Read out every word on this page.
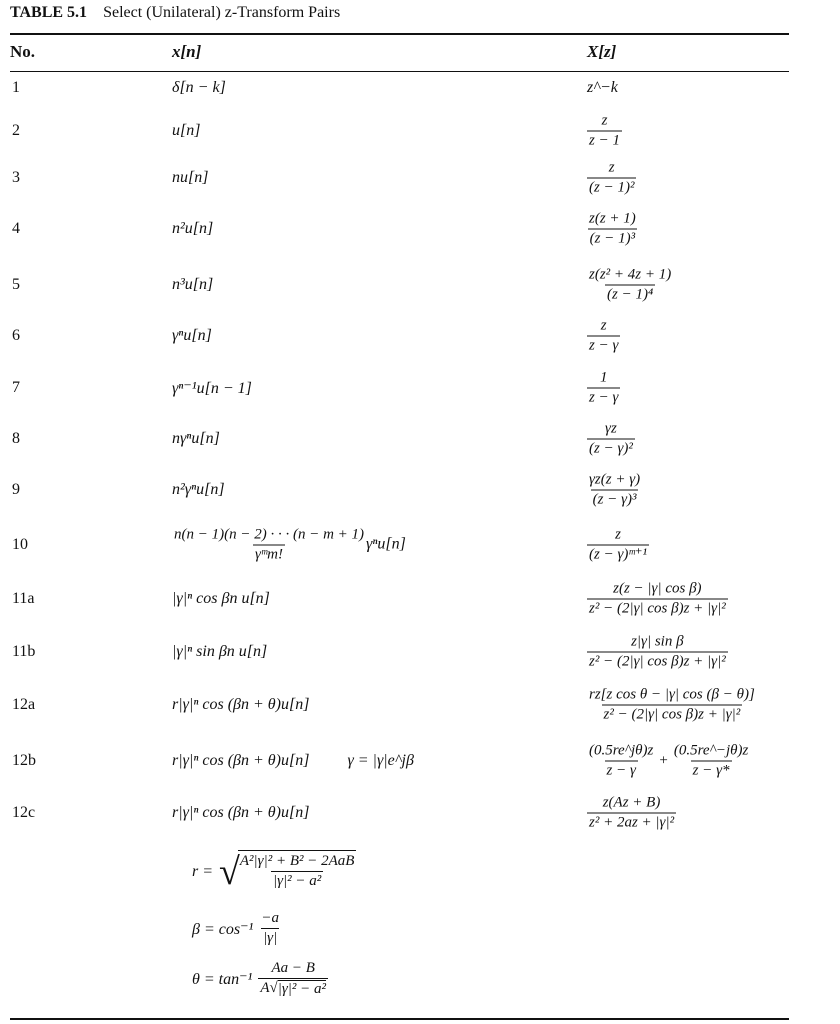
TABLE 5.1 Select (Unilateral) z-Transform Pairs
No.	x[n]	X[z]
1	δ[n − k]	z^−k
2	u[n]	$\frac{z}{z - 1}$
3	nu[n]	$\frac{z}{\text{(z − 1)²}}$
4	n²u[n]	$\frac{z(z + 1)}{\text{(z − 1)³}}$
5	n³u[n]	$\frac{\text{z(z² + 4z + 1)}}{\text{(z − 1)⁴}}$
6	γⁿu[n]	$\frac{z}{z - \gamma}$
7	γⁿ⁻¹u[n − 1]	$\frac{1}{z - \gamma}$
8	nγⁿu[n]	$\frac{\gamma z}{\text{(z − γ)²}}$
9	n²γⁿu[n]	$\frac{\gamma z(z + \gamma)}{\text{(z − γ)³}}$
10	$\frac{n(n - 1)(n - 2) \cdot \cdot \cdot (n - m + 1)}{\text{γᵐm!}} \gamma^nu[n]$	$\frac{z}{\text{(z − γ)ᵐ⁺¹}}$
11a	|γ|ⁿ cos βn u[n]	$\frac{\text{z(z − |γ| cos β)}}{\text{z² − (2|γ| cos β)z + |γ|²}}$
11b	|γ|ⁿ sin βn u[n]	$\frac{\text{z|γ| sin β}}{\text{z² − (2|γ| cos β)z + |γ|²}}$
12a	r|γ|ⁿ cos (βn + θ)u[n]	$\frac{\text{rz[z cos θ − |γ| cos (β − θ)]}}{\text{z² − (2|γ| cos β)z + |γ|²}}$
12b	r|γ|ⁿ cos (βn + θ)u[n] γ = |γ|e^jβ	$\frac{(0.5re\^{}j\theta)z}{z - \gamma} + \frac{(0.5re\^{}-j\theta)z}{z - \gamma*}$
12c	r|γ|ⁿ cos (βn + θ)u[n]	$\frac{z(Az + B)}{\text{z² + 2az + |γ|²}}$
r = √
$\frac{\text{A²|γ|² + B² − 2AaB}}{\text{|γ|² − a²}}$
$\beta = \cos^{-1} \frac{-a}{|\gamma|}$
$\theta = \tan^{-1} \frac{Aa - B}{\text{A √ |γ|² − a²}}$
